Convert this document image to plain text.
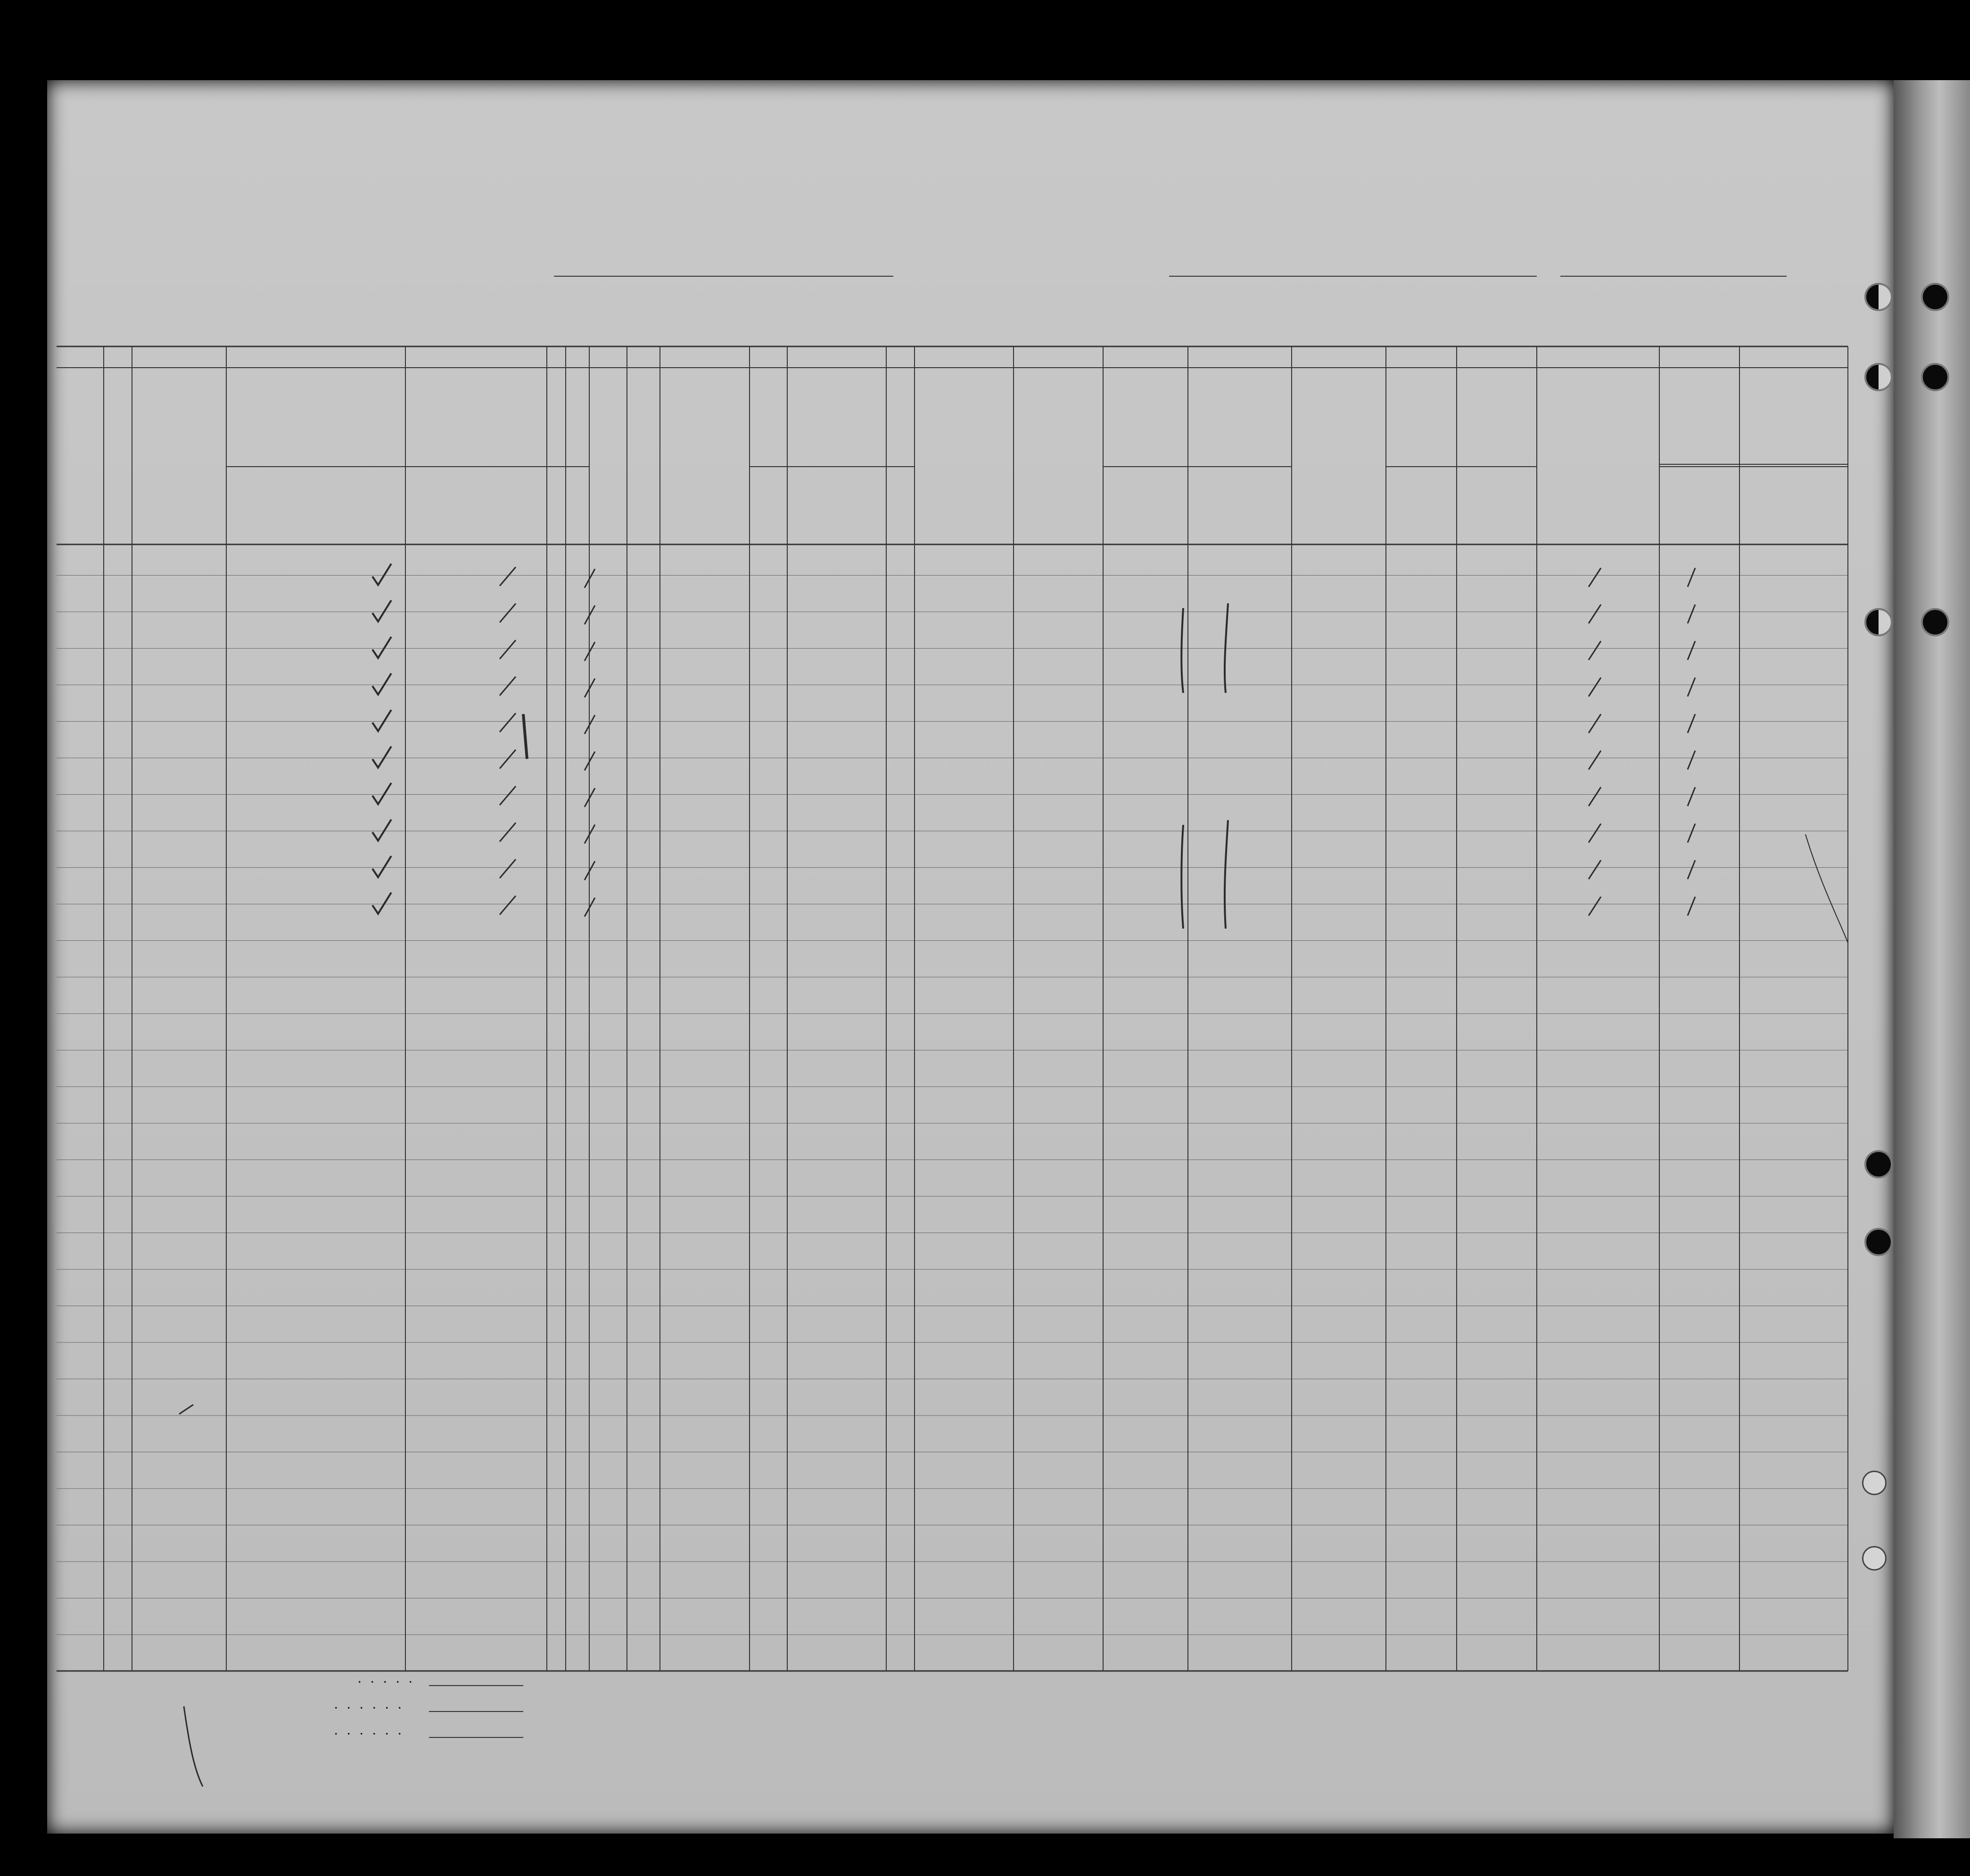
. . . . .
. . . . . .
. . . . . .
